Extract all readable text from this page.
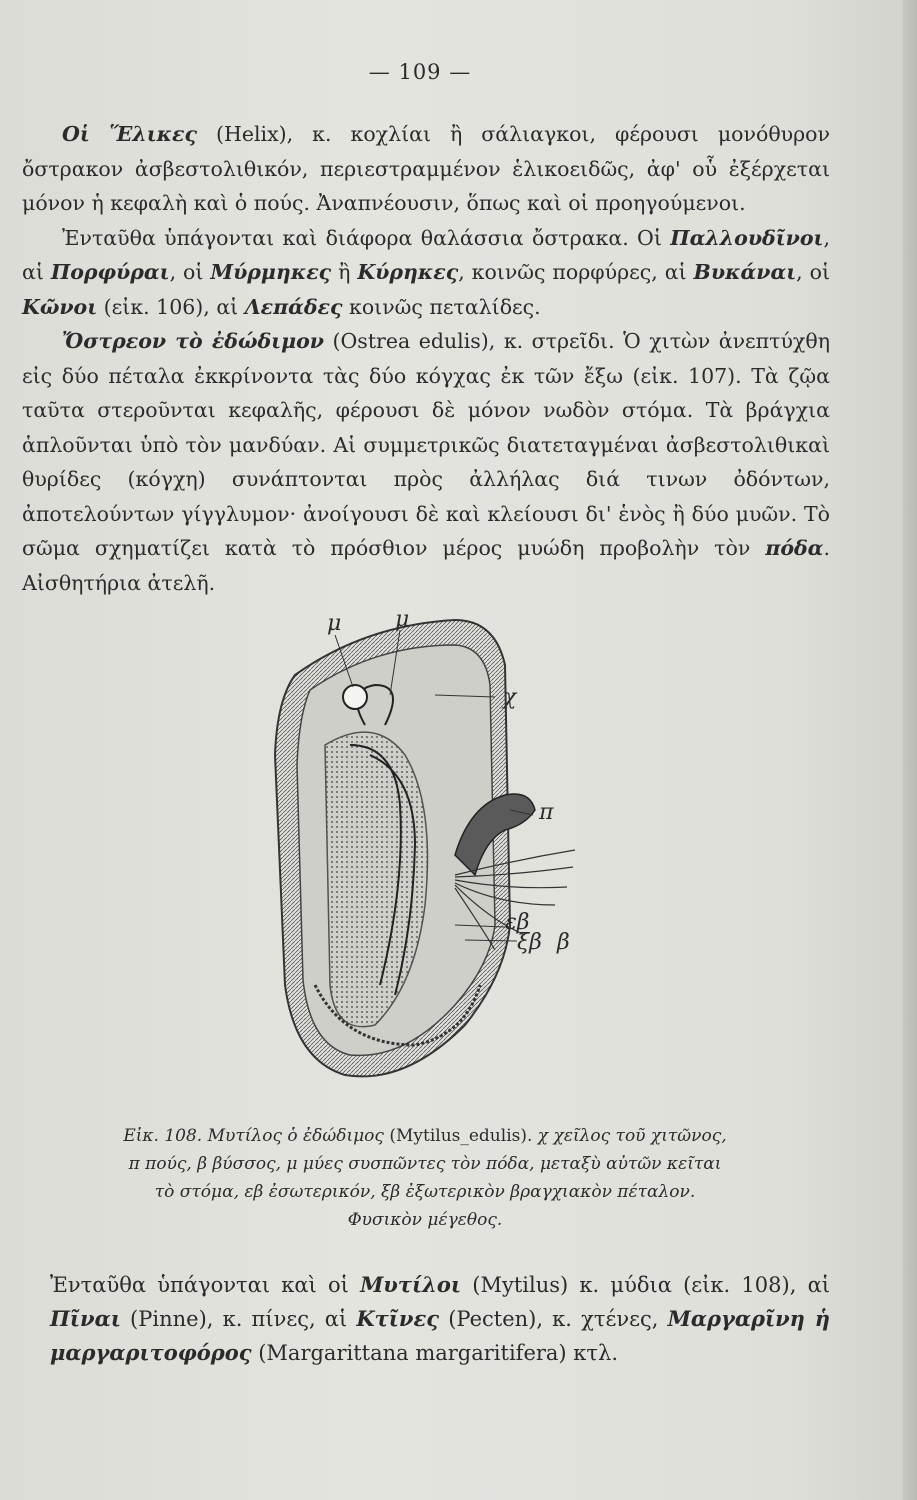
— 109 —

Οἱ Ἕλικες (Helix), κ. κοχλίαι ἢ σάλιαγκοι, φέρουσι μονόθυρον ὄστρακον ἀσβεστολιθικόν, περιεστραμμένον ἑλικοειδῶς, ἀφ' οὗ ἐξέρχεται μόνον ἡ κεφαλὴ καὶ ὁ πούς. Ἀναπνέουσιν, ὅπως καὶ οἱ προηγούμενοι.
Ἐνταῦθα ὑπάγονται καὶ διάφορα θαλάσσια ὄστρακα. Οἱ Παλλουδῖνοι, αἱ Πορφύραι, οἱ Μύρμηκες ἢ Κύρηκες, κοινῶς πορφύρες, αἱ Βυκάναι, οἱ Κῶνοι (εἰκ. 106), αἱ Λεπάδες κοινῶς πεταλίδες.
Ὄστρεον τὸ ἐδώδιμον (Ostrea edulis), κ. στρεῖδι. Ὁ χιτὼν ἀνεπτύχθη εἰς δύο πέταλα ἐκκρίνοντα τὰς δύο κόγχας ἐκ τῶν ἔξω (εἰκ. 107). Τὰ ζῷα ταῦτα στεροῦνται κεφαλῆς, φέρουσι δὲ μόνον νωδὸν στόμα. Τὰ βράγχια ἁπλοῦνται ὑπὸ τὸν μανδύαν. Αἱ συμμετρικῶς διατεταγμέναι ἀσβεστολιθικαὶ θυρίδες (κόγχη) συνάπτονται πρὸς ἀλλήλας διά τινων ὀδόντων, ἀποτελούντων γίγγλυμον· ἀνοίγουσι δὲ καὶ κλείουσι δι' ἑνὸς ἢ δύο μυῶν. Τὸ σῶμα σχηματίζει κατὰ τὸ πρόσθιον μέρος μυώδη προβολὴν τὸν πόδα. Αἰσθητήρια ἀτελῆ.

μ μ
χ
π
β
εβ
ξβ
Εἰκ. 108. Μυτίλος ὁ ἐδώδιμος (Mytilus_edulis). χ χεῖλος τοῦ χιτῶνος,
π πούς, β βύσσος, μ μύες συσπῶντες τὸν πόδα, μεταξὺ αὐτῶν κεῖται
τὸ στόμα, εβ ἐσωτερικόν, ξβ ἐξωτερικὸν βραγχιακὸν πέταλον.
Φυσικὸν μέγεθος.

Ἐνταῦθα ὑπάγονται καὶ οἱ Μυτίλοι (Mytilus) κ. μύδια (εἰκ. 108), αἱ Πῖναι (Pinne), κ. πίνες, αἱ Κτῖνες (Pecten), κ. χτένες, Μαργαρῖνη ἡ μαργαριτοφόρος (Margarittana margaritifera) κτλ.
